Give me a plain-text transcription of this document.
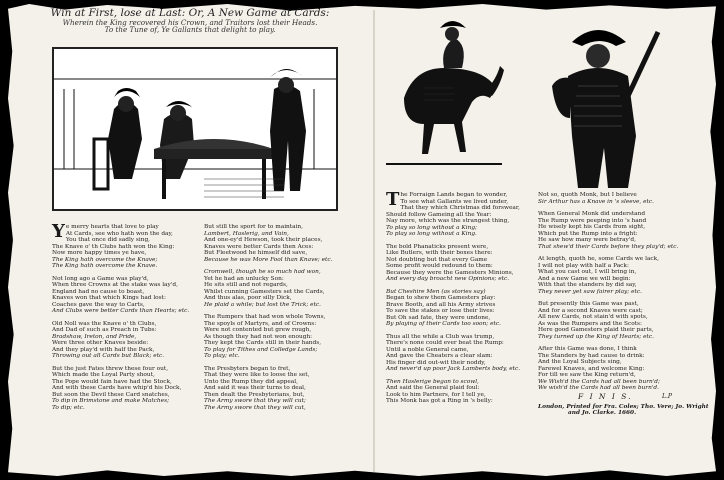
Win at First, lose at Last: Or, A New Game at Cards:
Wherein the King recovered his Crown, and Traitors lost their Heads.
To the Tune of, Ye Gallants that delight to play.
Ye merry hearts that love to play
At Cards, see who hath won the day,
You that once did sadly sing,
The Knave o' th Clubs hath won the King:
Now more happy times ye have,
The King hath overcome the Knave;
The King hath overcome the Knave.
Not long ago a Game was play'd,
When three Crowns at the stake was lay'd,
England had no cause to boast,
Knaves won that which Kings had lost:
Coaches gave the way to Carts,
And Clubs were better Cards than Hearts; etc.
Old Noll was the Knave o' th Clubs,
And Dad of such as Preach in Tubs:
Bradshaw, Ireton, and Pride,
Were three other Knaves beside:
And they play'd with half the Pack,
Throwing out all Cards but Black; etc.
But the just Fates threw these four out,
Which made the Loyal Party shout,
The Pope would fain have had the Stock,
And with these Cards have whip'd his Dock,
But soon the Devil these Card snatches,
To dip in Brimstone and make Matches;
To dip; etc.
But still the sport for to maintain,
Lambert, Haslerig, and Vain,
And one-ey'd Hewson, took their places,
Knaves were better Cards then Aces:
But Fleetwood he himself did save,
Because he was More Fool than Knave; etc.
Cromwell, though he so much had won,
Yet he had an unlucky Son:
He sits still and not regards,
Whilst cunning Gamesters set the Cards,
And thus alas, poor silly Dick,
He plaid a while; but lost the Trick; etc.
The Rumpers that had won whole Towns,
The spoyls of Martyrs, and of Crowns:
Were not contented but grew rough,
As though they had not won enough:
They kept the Cards still in their hands,
To play for Tithes and Colledge Lands;
To play; etc.
The Presbyters began to fret,
That they were like to loose the set,
Unto the Rump they did appeal,
And said it was their turns to deal,
Then dealt the Presbyterians, but,
The Army swore that they will cut;
The Army swore that they will cut,
The Forraign Lands began to wonder,
To see what Gallants we lived under,
That they which Christmas did forswear,
Should follow Gameing all the Year:
Nay more, which was the strangest thing,
To play so long without a King;
To play so long without a King.
The bold Phanaticks present were,
Like Butlers, with their boxes there:
Not doubting but that every Game
Some profit would redound to them:
Because they were the Gamesters Minions,
And every day broacht new Opinions; etc.
But Cheshire Men (as stories say)
Began to shew them Gamesters play:
Brave Booth, and all his Army strives
To save the stakes or lose their lives:
But Oh sad fate, they were undone,
By playing of their Cards too soon; etc.
Thus all the while a Club was trump,
There's none could ever beat the Rump:
Until a noble General came,
And gave the Cheaters a clear slam:
His finger did out-wit their noddy,
And never'd up poor Jack Lamberts body, etc.
Then Haslerige began to scowl,
And said the General plaid foul:
Look to him Partners, for I tell ye,
This Monk has got a Ring in 's belly:
Not so, quoth Monk, but I believe
Sir Arthur has a Knave in 's sleeve, etc.
When General Monk did understand
The Rump were peeping into 's hand
He wisely kept his Cards from sight,
Which put the Rump into a fright:
He saw how many were betray'd,
That shew'd their Cards before they play'd; etc.
At length, quoth he, some Cards we lack,
I will not play with half a Pack:
What you cast out, I will bring in,
And a new Game we will begin:
With that the standers by did say,
They never yet saw fairer play; etc.
But presently this Game was past,
And for a second Knaves were cast;
All new Cards, not stain'd with spots,
As was the Rumpers and the Scots:
Here good Gamesters plaid their parts,
They turned up the King of Hearts; etc.
After this Game was done, I think
The Standers by had cause to drink:
And the Loyal Subjects sing,
Farewel Knaves, and welcome King:
For till we saw the King return'd,
We Wish'd the Cards had all been burn'd;
We wish'd the Cards had all been burn'd.
F I N I S.	L.P
London, Printed for Fra. Coles; Tho. Vere; Jo. Wright
and Jo. Clarke. 1660.
